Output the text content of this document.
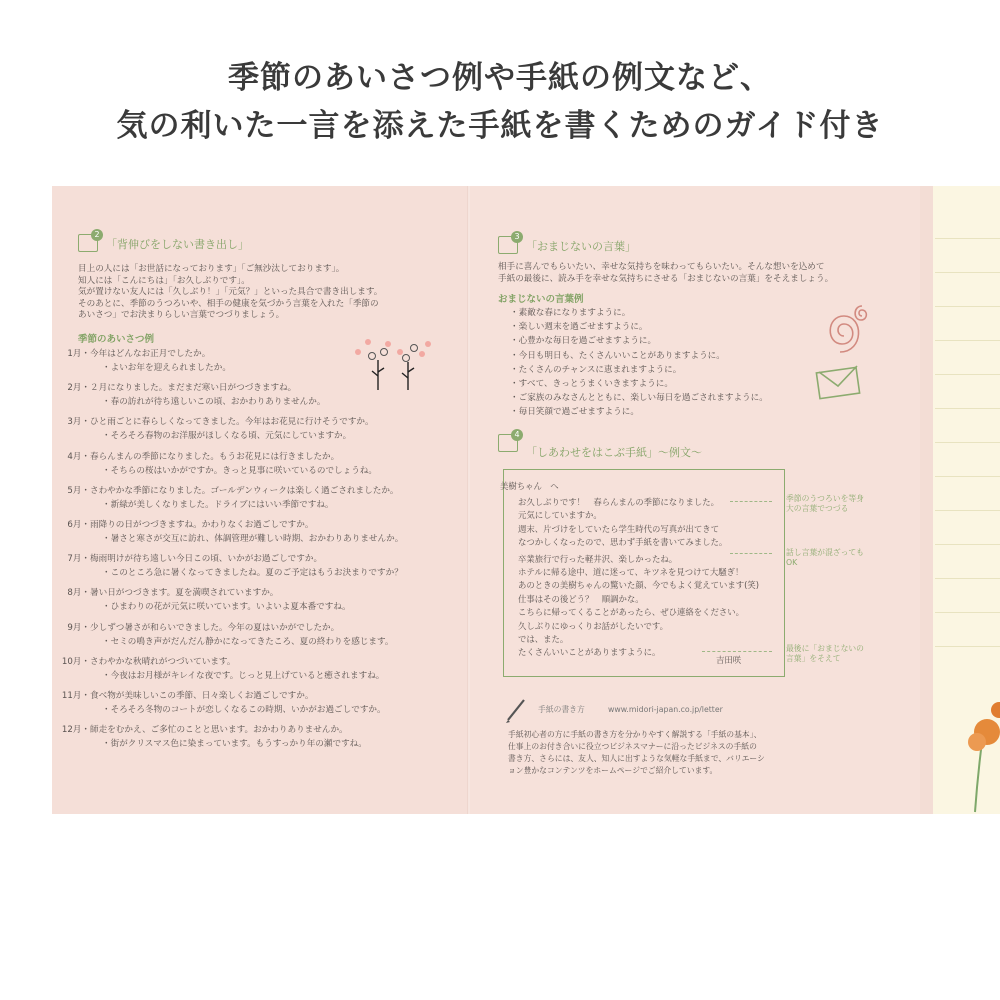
季節のあいさつ例や手紙の例文など、
気の利いた一言を添えた手紙を書くためのガイド付き
2
「背伸びをしない書き出し」
目上の人には「お世話になっております」「ご無沙汰しております」。
知人には「こんにちは」「お久しぶりです」。
気が置けない友人には「久しぶり！」「元気？」といった具合で書き出します。
そのあとに、季節のうつろいや、相手の健康を気づかう言葉を入れた「季節の
あいさつ」でお決まりらしい言葉でつづりましょう。
季節のあいさつ例
1月・今年はどんなお正月でしたか。
・よいお年を迎えられましたか。
2月・２月になりました。まだまだ寒い日がつづきますね。
・春の訪れが待ち遠しいこの頃、おかわりありませんか。
3月・ひと雨ごとに春らしくなってきました。今年はお花見に行けそうですか。
・そろそろ春物のお洋服がほしくなる頃、元気にしていますか。
4月・春らんまんの季節になりました。もうお花見には行きましたか。
・そちらの桜はいかがですか。きっと見事に咲いているのでしょうね。
5月・さわやかな季節になりました。ゴールデンウィークは楽しく過ごされましたか。
・新緑が美しくなりました。ドライブにはいい季節ですね。
6月・雨降りの日がつづきますね。かわりなくお過ごしですか。
・暑さと寒さが交互に訪れ、体調管理が難しい時期、おかわりありませんか。
7月・梅雨明けが待ち遠しい今日この頃、いかがお過ごしですか。
・このところ急に暑くなってきましたね。夏のご予定はもうお決まりですか？
8月・暑い日がつづきます。夏を満喫されていますか。
・ひまわりの花が元気に咲いています。いよいよ夏本番ですね。
9月・少しずつ暑さが和らいできました。今年の夏はいかがでしたか。
・セミの鳴き声がだんだん静かになってきたころ、夏の終わりを感じます。
10月・さわやかな秋晴れがつづいています。
・今夜はお月様がキレイな夜です。じっと見上げていると癒されますね。
11月・食べ物が美味しいこの季節、日々楽しくお過ごしですか。
・そろそろ冬物のコートが恋しくなるこの時期、いかがお過ごしですか。
12月・師走をむかえ、ご多忙のことと思います。おかわりありませんか。
・街がクリスマス色に染まっています。もうすっかり年の瀬ですね。
3
「おまじないの言葉」
相手に喜んでもらいたい、幸せな気持ちを味わってもらいたい。そんな想いを込めて
手紙の最後に、読み手を幸せな気持ちにさせる「おまじないの言葉」をそえましょう。
おまじないの言葉例
・素敵な春になりますように。
・楽しい週末を過ごせますように。
・心豊かな毎日を過ごせますように。
・今日も明日も、たくさんいいことがありますように。
・たくさんのチャンスに恵まれますように。
・すべて、きっとうまくいきますように。
・ご家族のみなさんとともに、楽しい毎日を過ごされますように。
・毎日笑顔で過ごせますように。
4
「しあわせをはこぶ手紙」〜例文〜
美樹ちゃん　へ
お久しぶりです！　春らんまんの季節になりました。
元気にしていますか。
週末、片づけをしていたら学生時代の写真が出てきて
なつかしくなったので、思わず手紙を書いてみました。
卒業旅行で行った軽井沢、楽しかったね。
ホテルに帰る途中、道に迷って、キツネを見つけて大騒ぎ！
あのときの美樹ちゃんの驚いた顔、今でもよく覚えています(笑)
仕事はその後どう？　順調かな。
こちらに帰ってくることがあったら、ぜひ連絡をください。
久しぶりにゆっくりお話がしたいです。
では、また。
たくさんいいことがありますように。
吉田咲
季節のうつろいを等身
大の言葉でつづる
話し言葉が混ざっても
OK
最後に「おまじないの
言葉」をそえて
手紙の書き方	www.midori-japan.co.jp/letter
手紙初心者の方に手紙の書き方を分かりやすく解説する「手紙の基本」、
仕事上のお付き合いに役立つビジネスマナーに沿ったビジネスの手紙の
書き方、さらには、友人、知人に出すような気軽な手紙まで、バリエーシ
ョン豊かなコンテンツをホームページでご紹介しています。
